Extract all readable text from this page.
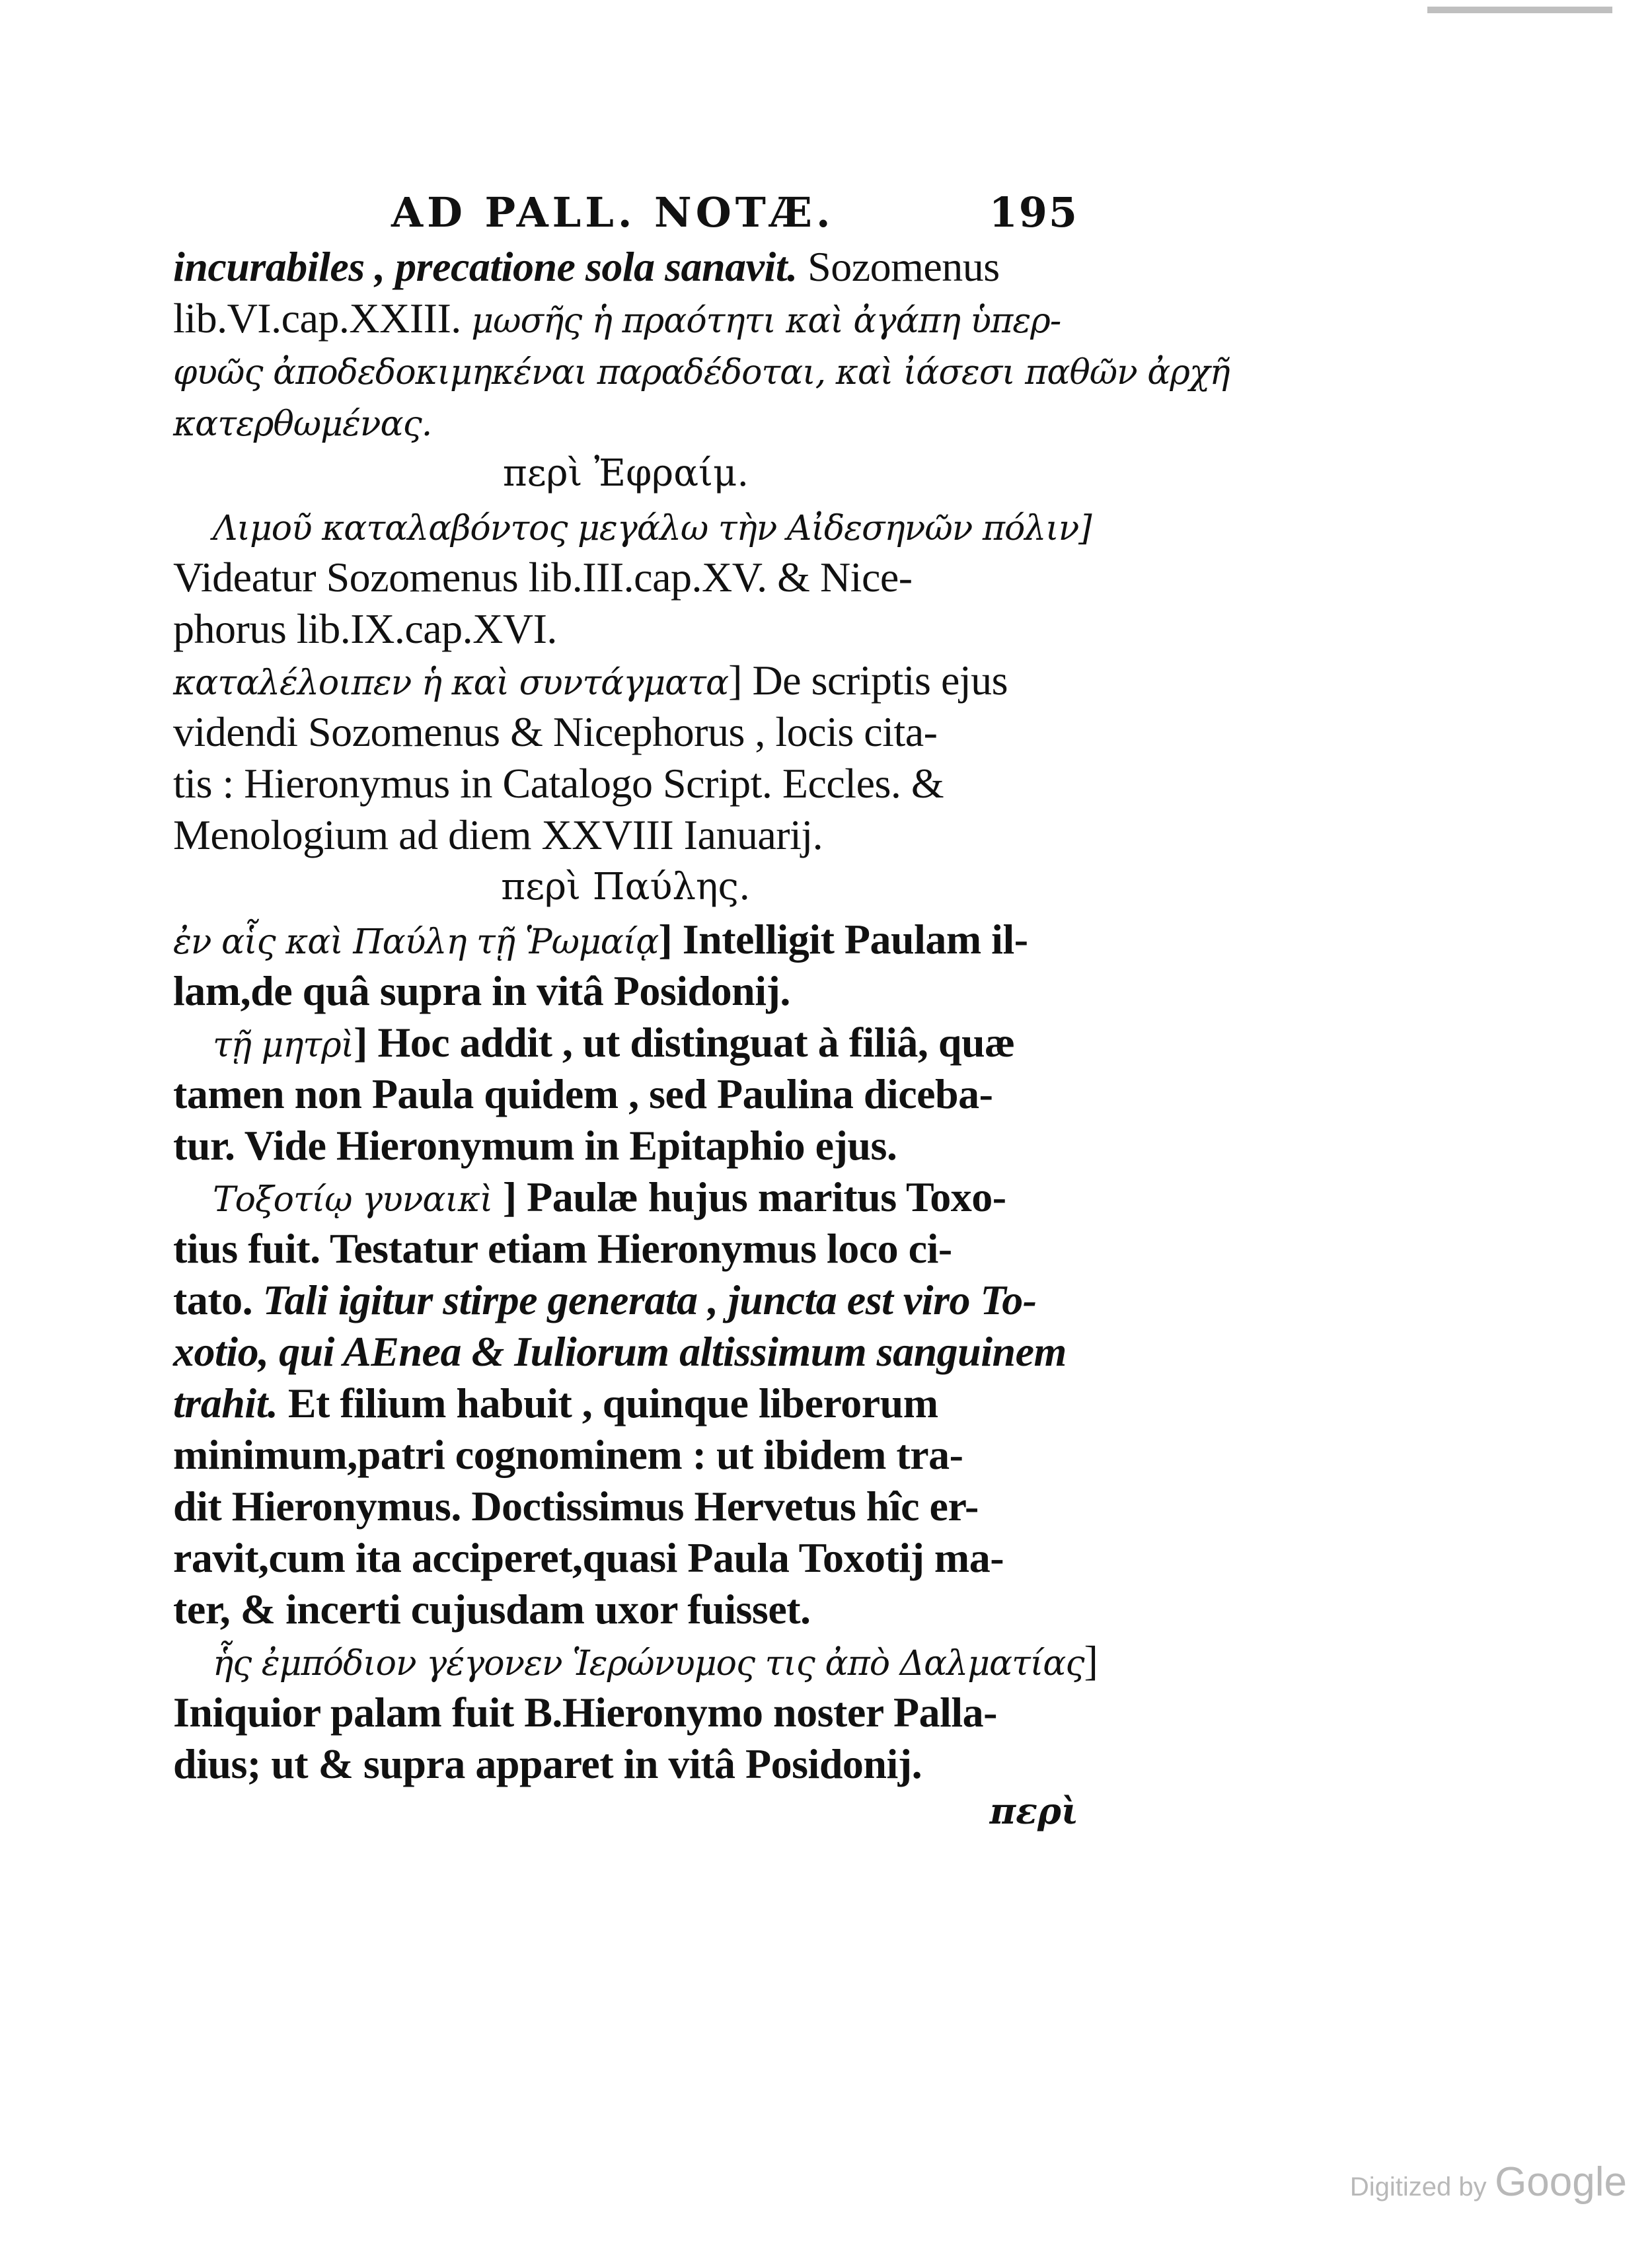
AD PALL. NOTÆ.	195
incurabiles , precatione sola sanavit. Sozomenus
lib.VI.cap.XXIII. μωσῆς ἡ πραότητι καὶ ἀγάπη ὑπερ-
φυῶς ἀποδεδοκιμηκέναι παραδέδοται, καὶ ἰάσεσι παθῶν ἀρχῆ
κατερθωμένας.
περὶ Ἐφραίμ.
Λιμοῦ καταλαβόντος μεγάλω τὴν Αἰδεσηνῶν πόλιν]
Videatur Sozomenus lib.III.cap.XV. & Nice-
phorus lib.IX.cap.XVI.
καταλέλοιπεν ἡ καὶ συντάγματα] De scriptis ejus
videndi Sozomenus & Nicephorus , locis cita-
tis : Hieronymus in Catalogo Script. Eccles. &
Menologium ad diem XXVIII Ianuarij.
περὶ Παύλης.
ἐν αἷς καὶ Παύλη τῇ Ῥωμαίᾳ] Intelligit Paulam il-
lam,de quâ supra in vitâ Posidonij.
τῇ μητρὶ] Hoc addit , ut distinguat à filiâ, quæ
tamen non Paula quidem , sed Paulina diceba-
tur. Vide Hieronymum in Epitaphio ejus.
Τοξοτίῳ γυναικὶ ] Paulæ hujus maritus Toxo-
tius fuit. Testatur etiam Hieronymus loco ci-
tato. Tali igitur stirpe generata , juncta est viro To-
xotio, qui AEnea & Iuliorum altissimum sanguinem
trahit. Et filium habuit , quinque liberorum
minimum,patri cognominem : ut ibidem tra-
dit Hieronymus. Doctissimus Hervetus hîc er-
ravit,cum ita acciperet,quasi Paula Toxotij ma-
ter, & incerti cujusdam uxor fuisset.
ἧς ἐμπόδιον γέγονεν Ἱερώνυμος τις ἀπὸ Δαλματίας]
Iniquior palam fuit B.Hieronymo noster Palla-
dius; ut & supra apparet in vitâ Posidonij.
περὶ
Digitized by Google
